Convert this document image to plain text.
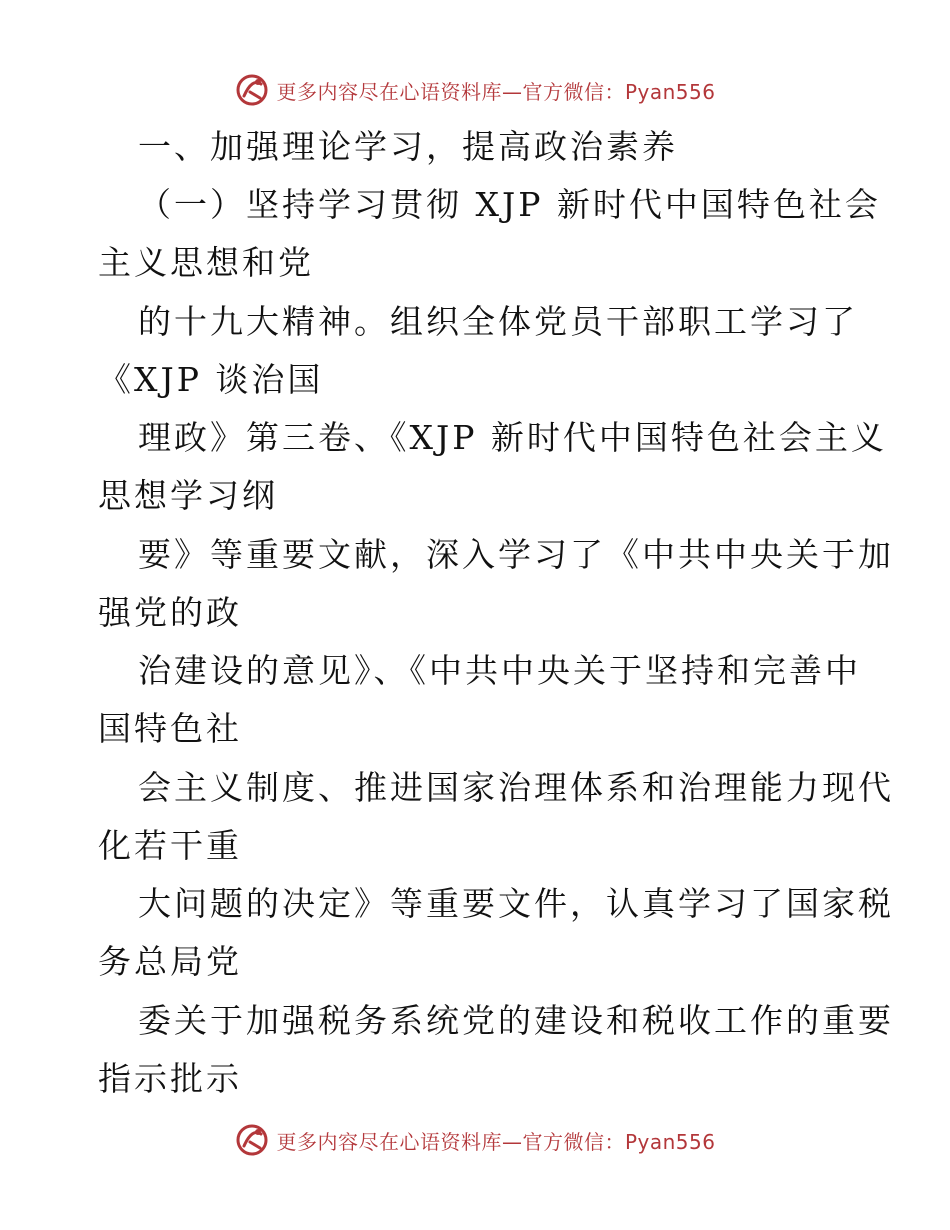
更多内容尽在心语资料库—官方微信：Pyan556

一、加强理论学习，提高政治素养

（一）坚持学习贯彻 XJP 新时代中国特色社会

主义思想和党

的十九大精神。组织全体党员干部职工学习了

《XJP 谈治国

理政》第三卷、《XJP 新时代中国特色社会主义

思想学习纲

要》等重要文献，深入学习了《中共中央关于加

强党的政

治建设的意见》、《中共中央关于坚持和完善中

国特色社

会主义制度、推进国家治理体系和治理能力现代

化若干重

大问题的决定》等重要文件，认真学习了国家税

务总局党

委关于加强税务系统党的建设和税收工作的重要

指示批示

更多内容尽在心语资料库—官方微信：Pyan556
